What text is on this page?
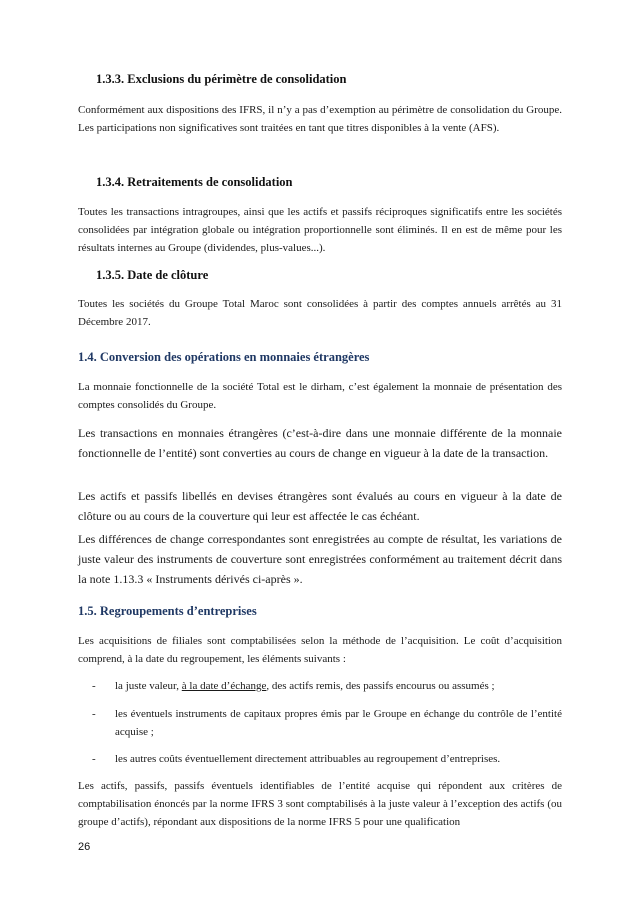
1.3.3. Exclusions du périmètre de consolidation

Conformément aux dispositions des IFRS, il n’y a pas d’exemption au périmètre de consolidation du Groupe. Les participations non significatives sont traitées en tant que titres disponibles à la vente (AFS).

1.3.4. Retraitements de consolidation

Toutes les transactions intragroupes, ainsi que les actifs et passifs réciproques significatifs entre les sociétés consolidées par intégration globale ou intégration proportionnelle sont éliminés. Il en est de même pour les résultats internes au Groupe (dividendes, plus-values...).

1.3.5. Date de clôture

Toutes les sociétés du Groupe Total Maroc sont consolidées à partir des comptes annuels arrêtés au 31 Décembre 2017.

1.4. Conversion des opérations en monnaies étrangères

La monnaie fonctionnelle de la société Total est le dirham, c’est également la monnaie de présentation des comptes consolidés du Groupe.

Les transactions en monnaies étrangères (c’est-à-dire dans une monnaie différente de la monnaie fonctionnelle de l’entité) sont converties au cours de change en vigueur à la date de la transaction.

Les actifs et passifs libellés en devises étrangères sont évalués au cours en vigueur à la date de clôture ou au cours de la couverture qui leur est affectée le cas échéant.

Les différences de change correspondantes sont enregistrées au compte de résultat, les variations de juste valeur des instruments de couverture sont enregistrées conformément au traitement décrit dans la note 1.13.3 « Instruments dérivés ci-après ».

1.5. Regroupements d’entreprises

Les acquisitions de filiales sont comptabilisées selon la méthode de l’acquisition. Le coût d’acquisition comprend, à la date du regroupement, les éléments suivants :

- la juste valeur, à la date d’échange, des actifs remis, des passifs encourus ou assumés ;
- les éventuels instruments de capitaux propres émis par le Groupe en échange du contrôle de l’entité acquise ;
- les autres coûts éventuellement directement attribuables au regroupement d’entreprises.

Les actifs, passifs, passifs éventuels identifiables de l’entité acquise qui répondent aux critères de comptabilisation énoncés par la norme IFRS 3 sont comptabilisés à la juste valeur à l’exception des actifs (ou groupe d’actifs), répondant aux dispositions de la norme IFRS 5 pour une qualification

26
